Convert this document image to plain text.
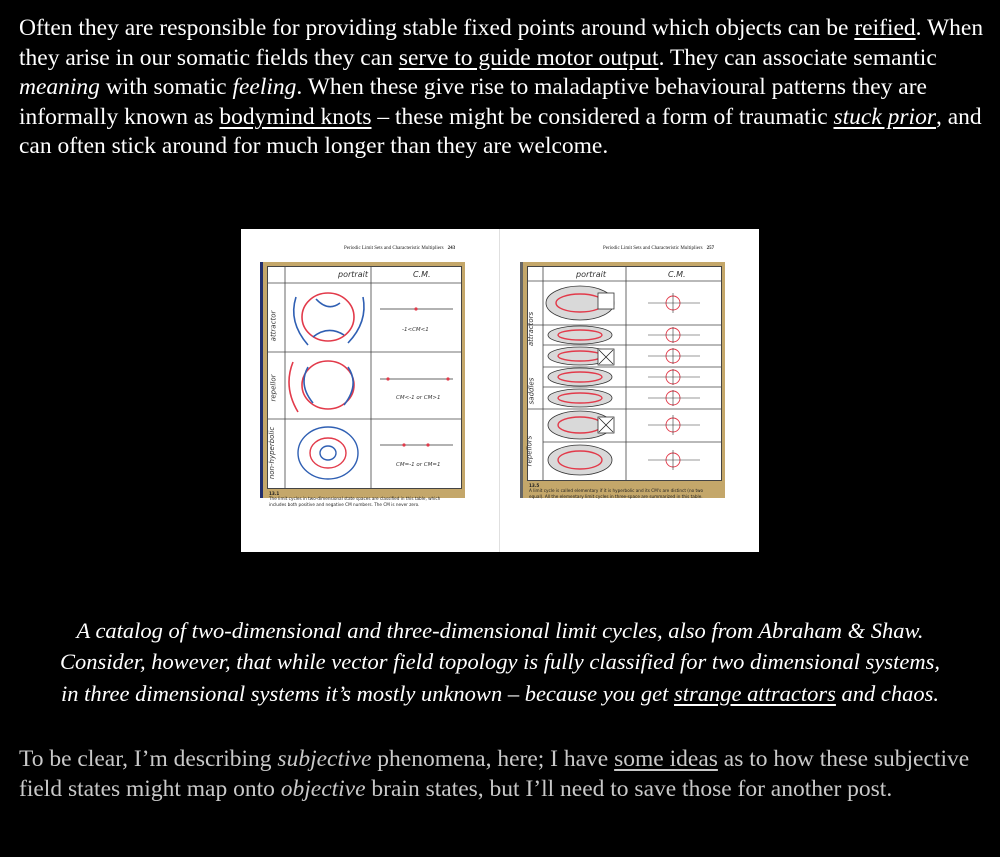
Often they are responsible for providing stable fixed points around which objects can be reified. When they arise in our somatic fields they can serve to guide motor output. They can associate semantic meaning with somatic feeling. When these give rise to maladaptive behavioural patterns they are informally known as bodymind knots – these might be considered a form of traumatic stuck prior, and can often stick around for much longer than they are welcome.

Periodic Limit Sets and Characteristic Multipliers 243
portrait	C.M.
attractor
repellor
non-hyperbolic
-1<CM<1
CM<-1 or CM>1
CM=-1 or CM=1
13.1
The limit cycles in two-dimensional state spaces are classified in this table, which includes both positive and negative CM numbers. The CM is never zero.
Periodic Limit Sets and Characteristic Multipliers 257
portrait	C.M.
attractors
saddles
repellors
13.5
A limit cycle is called elementary if it is hyperbolic and its CM's are distinct (no two equal). All the elementary limit cycles in three-space are summarized in this table.

A catalog of two-dimensional and three-dimensional limit cycles, also from Abraham & Shaw. Consider, however, that while vector field topology is fully classified for two dimensional systems, in three dimensional systems it’s mostly unknown – because you get strange attractors and chaos.

To be clear, I’m describing subjective phenomena, here; I have some ideas as to how these subjective field states might map onto objective brain states, but I’ll need to save those for another post.
